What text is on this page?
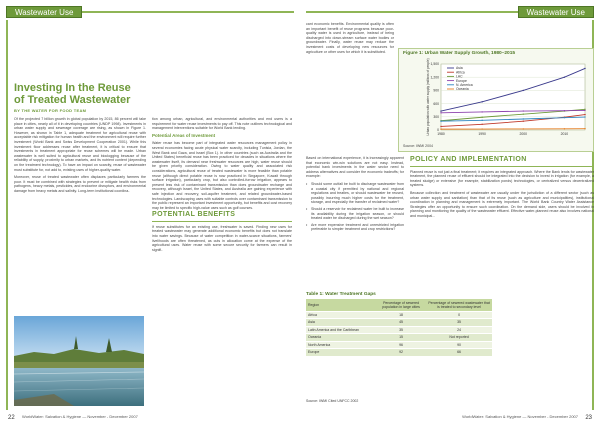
Wastewater Use
Investing In the Reuse
of Treated Wastewater
BY THE WATER FOR FOOD TEAM

Of the projected 7 billion growth in global population by 2015, 86 percent will take place in cities, nearly all of it in developing countries (UNDP 1998). Investments in urban water supply and sewerage coverage are rising, as shown in Figure 1. However, as shown in Table 1, adequate treatment for agricultural reuse with acceptable risk mitigation for human health and the environment will require further investment (World Bank and Swiss Development Cooperation 2001). While this investment floor addresses reuse after treatment, it is critical to ensure that investments in treatment appropriate for reuse schemes will be made. Urban wastewater is well suited to agricultural reuse and bioclogging because of the reliability of supply, proximity to urban markets, and its nutrient content (depending on the treatment technology). To have an impact on scarcity, reuse of wastewater must substitute for, not add to, existing uses of higher-quality water.

Moreover, reuse of treated wastewater often displaces particularly farmers the poor. It must be combined with strategies to prevent or mitigate health risks from pathogens, heavy metals, pesticides, and endocrine disruptors, and environmental damage from heavy metals and salinity. Long-term institutional coordina-

tion among urban, agricultural, and environmental authorities and end users is a requirement for water reuse investments to pay off. This note outlines technological and management interventions suitable for World Bank lending.

Potential Areas of Investment

Water reuse has become part of integrated water resources management policy in several economies facing acute physical water scarcity, including Tunisia, Jordan, the West Bank and Gaza, and Israel (Box 1). In other countries (such as Australia and the United States) beneficial reuse has been practiced for decades in situations where the wastewater itself, its demand near freshwater resources are high, water reuse should be given priority consideration. Owing to water quality and associated risk considerations, agricultural reuse of treated wastewater is more feasible than potable reuse (although direct potable reuse is now practiced in Singapore, Kuwait through surface irrigation), particularly crop, but also controlled-furrow irrigation, appears to present less risk of contaminant transmission than does groundwater recharge and recovery, although Israel, the United States, and Australia are gaining experience with safe injection and recovery, soil-aquifer treatment, and related groundwater-based technologies. Landscaping uses with suitable controls over contaminant transmission to the public represent an important investment opportunity, but benefits and cost recovery may be limited to specific high-value uses such as golf courses.

POTENTIAL BENEFITS

If reuse substitutes for an existing use, freshwater is saved. Finding new uses for treated wastewater may generate additional economic benefits but does not translate into water savings. Because of water competition in water-scarce situations, farmers' livelihoods are often threatened, as cuts in allocation come at the expense of the agricultural uses. Water reuse with some secure security for farmers can result in signifi-

22 WorldWater: Salvation & Hygiene — November - December 2007
Wastewater Use

cant economic benefits. Environmental quality is often an important benefit of reuse programs because poor-quality water is used in agriculture, instead of being discharged into down-stream surface water bodies or groundwater. Finally, water reuse may reduce the investment costs of developing new resources for agriculture or other uses for which it is substituted.	Figure 1: Urban Water Supply Growth, 1980–2015
0
300
600
900
1,200
1,500
1980	1990	2000	2010
Urban population with water supply (millions of people)	Asia
Africa
LAC
Europe
N. America
Oceania
Source: IWMI 2004

Based on international experience, it is increasingly apparent that economic win-win solutions are not easy. Instead, potential bank investments in the water sector need to address alternatives and consider the economic tradeoffs; for example:

• Should some outfall be built to discharge wastewater from a coastal city if permitted by national and regional regulations and treaties, or should wastewater be reused, possibly incurring much higher costs for the treatment, storage, and especially the transfer of reclaimed water?
• Should a reservoir for reclaimed water be built to increase its availability during the irrigation season, or should treated water be discharged during the wet season?
• Are more expensive treatment and unrestricted irrigation preferable to simpler treatment and crop restrictions?
POLICY AND IMPLEMENTATION

Planned reuse is not just a final treatment; it requires an integrated approach. Where the Bank lends for wastewater treatment, the planned reuse of effluent should be integrated into the decision to invest in irrigation (for example, a treated sludge) or extensive (for example, stabilization ponds) technologies, or centralized versus decentralized systems.

Because collection and treatment of wastewater are usually under the jurisdiction of a different sector (such as urban water supply and sanitation) than that of its reuse (such as agriculture and municipalities), institutional coordination in planning and management is extremely important. The World Bank Country Water Assistance Strategies offer an opportunity to ensure such coordination. On the demand side, users should be involved in planning and monitoring the quality of the wastewater effluent. Effective water-planned reuse also involves national and municipal...

Table 1: Water Treatment Gaps
Region	Percentage of sewered population in large cities	Percentage of sewered wastewater that is treated to secondary level
Africa	18	0
Asia	45	35
Latin America and the Caribbean	35	24
Oceania	15	Not reported
North America	96	90
Europe	92	66
Source: IWMI Cited UNFCC 2002
WorldWater: Salvation & Hygiene — November - December 2007 23
